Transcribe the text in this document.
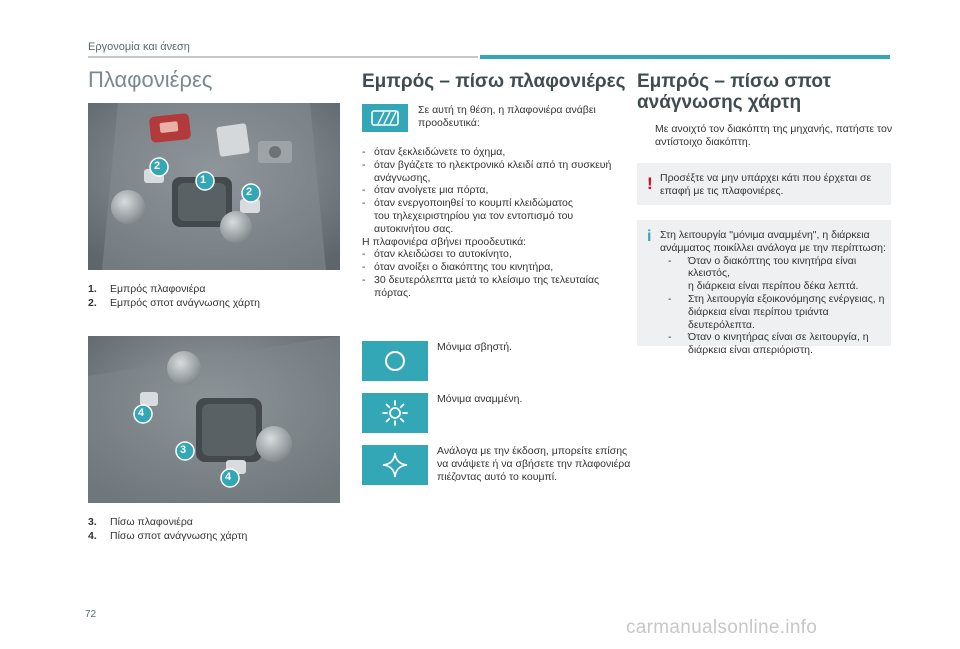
Εργονομία και άνεση
Πλαφονιέρες
1
2
2
1. Εμπρός πλαφονιέρα
2. Εμπρός σποτ ανάγνωσης χάρτη
4
3
4
3. Πίσω πλαφονιέρα
4. Πίσω σποτ ανάγνωσης χάρτη
Εμπρός – πίσω πλαφονιέρες
Σε αυτή τη θέση, η πλαφονιέρα ανάβει
προοδευτικά:
- όταν ξεκλειδώνετε το όχημα,
- όταν βγάζετε το ηλεκτρονικό κλειδί από τη συσκευή
ανάγνωσης,
- όταν ανοίγετε μια πόρτα,
- όταν ενεργοποιηθεί το κουμπί κλειδώματος
του τηλεχειριστηρίου για τον εντοπισμό του
αυτοκινήτου σας.
Η πλαφονιέρα σβήνει προοδευτικά:
- όταν κλειδώσει το αυτοκίνητο,
- όταν ανοίξει ο διακόπτης του κινητήρα,
- 30 δευτερόλεπτα μετά το κλείσιμο της τελευταίας
πόρτας.
Μόνιμα σβηστή.
Μόνιμα αναμμένη.
Ανάλογα με την έκδοση, μπορείτε επίσης
να ανάψετε ή να σβήσετε την πλαφονιέρα
πιέζοντας αυτό το κουμπί.
Εμπρός – πίσω σποτ
ανάγνωσης χάρτη
Με ανοιχτό τον διακόπτη της μηχανής, πατήστε τον
αντίστοιχο διακόπτη.
! Προσέξτε να μην υπάρχει κάτι που έρχεται σε
επαφή με τις πλαφονιέρες.
i Στη λειτουργία "μόνιμα αναμμένη", η διάρκεια
ανάμματος ποικίλλει ανάλογα με την περίπτωση:
- Όταν ο διακόπτης του κινητήρα είναι κλειστός,
η διάρκεια είναι περίπου δέκα λεπτά.
- Στη λειτουργία εξοικονόμησης ενέργειας, η
διάρκεια είναι περίπου τριάντα δευτερόλεπτα.
- Όταν ο κινητήρας είναι σε λειτουργία, η
διάρκεια είναι απεριόριστη.
72
carmanualsonline.info
